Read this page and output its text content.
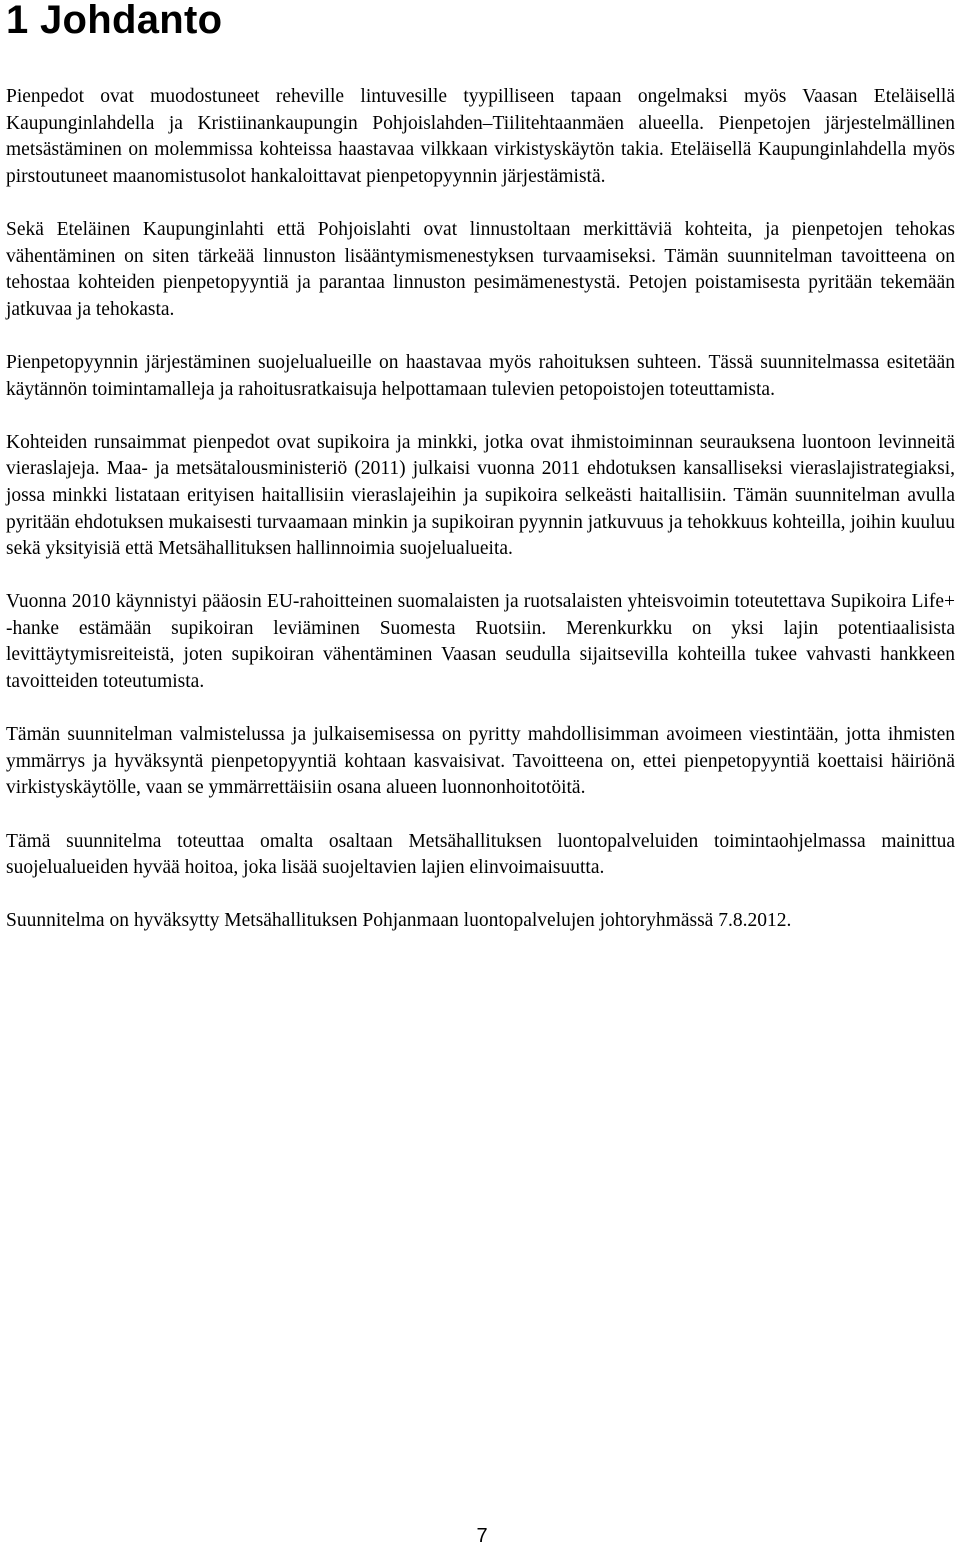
1 Johdanto

Pienpedot ovat muodostuneet reheville lintuvesille tyypilliseen tapaan ongelmaksi myös Vaasan Eteläisellä Kaupunginlahdella ja Kristiinankaupungin Pohjoislahden–Tiilitehtaanmäen alueella. Pienpetojen järjestelmällinen metsästäminen on molemmissa kohteissa haastavaa vilkkaan virkistyskäytön takia. Eteläisellä Kaupunginlahdella myös pirstoutuneet maanomistusolot hankaloittavat pienpetopyynnin järjestämistä.

Sekä Eteläinen Kaupunginlahti että Pohjoislahti ovat linnustoltaan merkittäviä kohteita, ja pienpetojen tehokas vähentäminen on siten tärkeää linnuston lisääntymismenestyksen turvaamiseksi. Tämän suunnitelman tavoitteena on tehostaa kohteiden pienpetopyyntiä ja parantaa linnuston pesimämenestystä. Petojen poistamisesta pyritään tekemään jatkuvaa ja tehokasta.

Pienpetopyynnin järjestäminen suojelualueille on haastavaa myös rahoituksen suhteen. Tässä suunnitelmassa esitetään käytännön toimintamalleja ja rahoitusratkaisuja helpottamaan tulevien petopoistojen toteuttamista.

Kohteiden runsaimmat pienpedot ovat supikoira ja minkki, jotka ovat ihmistoiminnan seurauksena luontoon levinneitä vieraslajeja. Maa- ja metsätalousministeriö (2011) julkaisi vuonna 2011 ehdotuksen kansalliseksi vieraslajistrategiaksi, jossa minkki listataan erityisen haitallisiin vieraslajeihin ja supikoira selkeästi haitallisiin. Tämän suunnitelman avulla pyritään ehdotuksen mukaisesti turvaamaan minkin ja supikoiran pyynnin jatkuvuus ja tehokkuus kohteilla, joihin kuuluu sekä yksityisiä että Metsähallituksen hallinnoimia suojelualueita.

Vuonna 2010 käynnistyi pääosin EU-rahoitteinen suomalaisten ja ruotsalaisten yhteisvoimin toteutettava Supikoira Life+ -hanke estämään supikoiran leviäminen Suomesta Ruotsiin. Merenkurkku on yksi lajin potentiaalisista levittäytymisreiteistä, joten supikoiran vähentäminen Vaasan seudulla sijaitsevilla kohteilla tukee vahvasti hankkeen tavoitteiden toteutumista.

Tämän suunnitelman valmistelussa ja julkaisemisessa on pyritty mahdollisimman avoimeen viestintään, jotta ihmisten ymmärrys ja hyväksyntä pienpetopyyntiä kohtaan kasvaisivat. Tavoitteena on, ettei pienpetopyyntiä koettaisi häiriönä virkistyskäytölle, vaan se ymmärrettäisiin osana alueen luonnonhoitotöitä.

Tämä suunnitelma toteuttaa omalta osaltaan Metsähallituksen luontopalveluiden toimintaohjelmassa mainittua suojelualueiden hyvää hoitoa, joka lisää suojeltavien lajien elinvoimaisuutta.

Suunnitelma on hyväksytty Metsähallituksen Pohjanmaan luontopalvelujen johtoryhmässä 7.8.2012.

7
